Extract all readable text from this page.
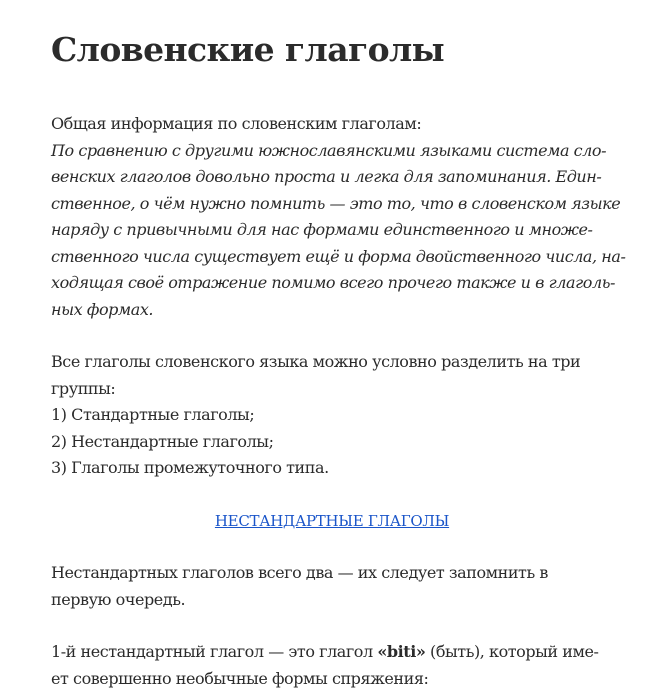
Словенские глаголы
Общая информация по словенским глаголам:
По сравнению с другими южнославянскими языками система сло-
венских глаголов довольно проста и легка для запоминания. Един-
ственное, о чём нужно помнить — это то, что в словенском языке
наряду с привычными для нас формами единственного и множе-
ственного числа существует ещё и форма двойственного числа, на-
ходящая своё отражение помимо всего прочего также и в глаголь-
ных формах.
Все глаголы словенского языка можно условно разделить на три
группы:
1) Стандартные глаголы;
2) Нестандартные глаголы;
3) Глаголы промежуточного типа.
НЕСТАНДАРТНЫЕ ГЛАГОЛЫ
Нестандартных глаголов всего два — их следует запомнить в
первую очередь.
1-й нестандартный глагол — это глагол «biti» (быть), который име-
ет совершенно необычные формы спряжения:
